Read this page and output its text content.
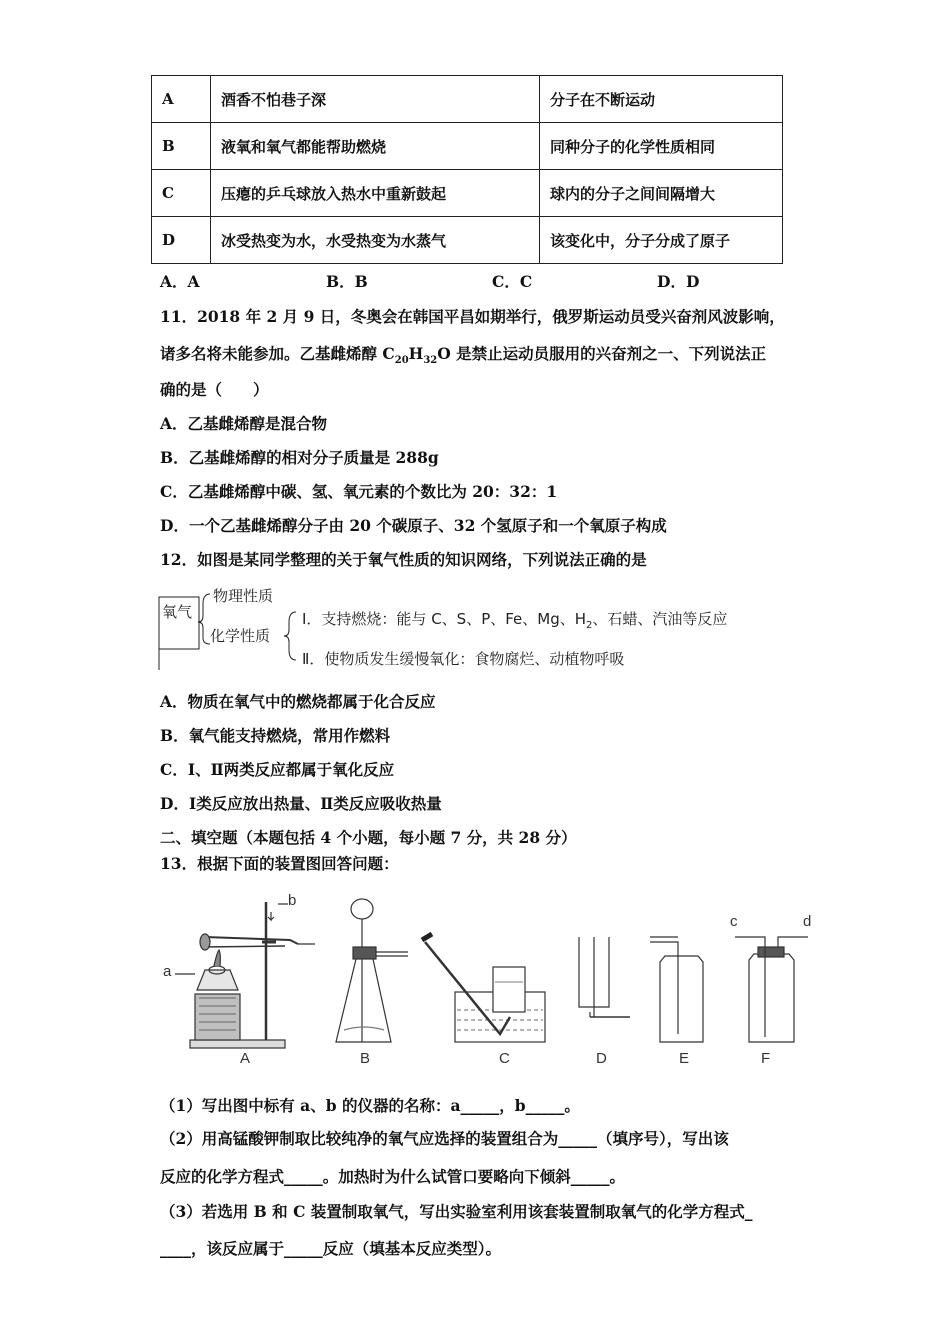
A	酒香不怕巷子深	分子在不断运动
B	液氧和氧气都能帮助燃烧	同种分子的化学性质相同
C	压瘪的乒乓球放入热水中重新鼓起	球内的分子之间间隔增大
D	冰受热变为水，水受热变为水蒸气	该变化中，分子分成了原子
A．A	B．B	C．C	D．D
11．2018 年 2 月 9 日，冬奥会在韩国平昌如期举行，俄罗斯运动员受兴奋剂风波影响，
诸多名将未能参加。乙基雌烯醇 $C_{20}H_{32}O$ 是禁止运动员服用的兴奋剂之一、下列说法正
确的是（　　）
A．乙基雌烯醇是混合物
B．乙基雌烯醇的相对分子质量是 288g
C．乙基雌烯醇中碳、氢、氧元素的个数比为 20：32：1
D．一个乙基雌烯醇分子由 20 个碳原子、32 个氢原子和一个氧原子构成
12．如图是某同学整理的关于氧气性质的知识网络，下列说法正确的是
氧气
物理性质
化学性质
Ⅰ．支持燃烧：能与 C、S、P、Fe、Mg、$H_2$、石蜡、汽油等反应
Ⅱ．使物质发生缓慢氧化：食物腐烂、动植物呼吸
A．物质在氧气中的燃烧都属于化合反应
B．氧气能支持燃烧，常用作燃料
C．Ⅰ、Ⅱ两类反应都属于氧化反应
D．Ⅰ类反应放出热量、Ⅱ类反应吸收热量
二、填空题（本题包括 4 个小题，每小题 7 分，共 28 分）
13．根据下面的装置图回答问题：
b
a
c	d
A	B	C	D	E	F
（1）写出图中标有 a、b 的仪器的名称：a_____，b_____。
（2）用高锰酸钾制取比较纯净的氧气应选择的装置组合为_____（填序号），写出该
反应的化学方程式_____。加热时为什么试管口要略向下倾斜_____。
（3）若选用 B 和 C 装置制取氧气，写出实验室利用该套装置制取氧气的化学方程式_
____，该反应属于_____反应（填基本反应类型）。
